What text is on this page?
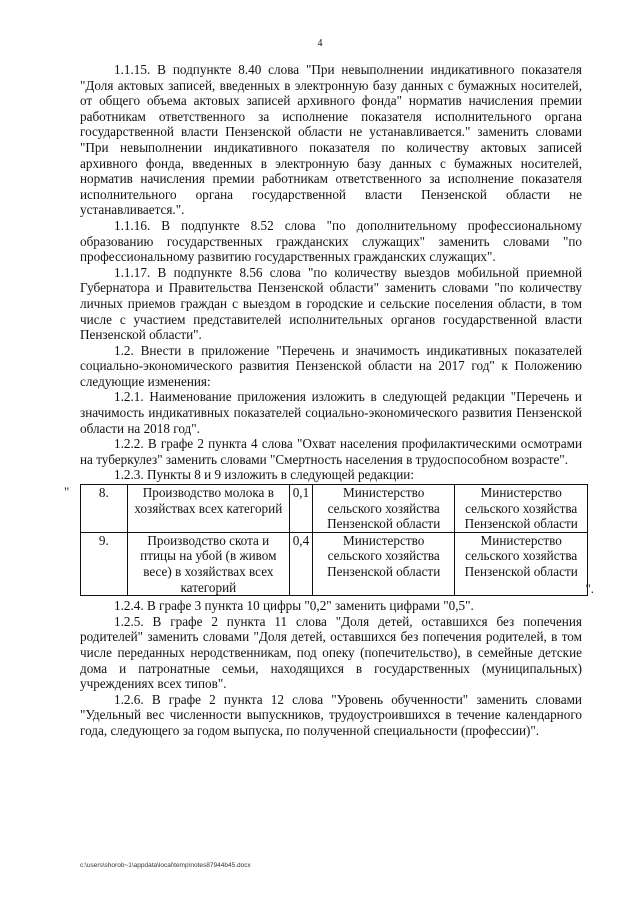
4

1.1.15. В подпункте 8.40 слова "При невыполнении индикативного показателя "Доля актовых записей, введенных в электронную базу данных с бумажных носителей, от общего объема актовых записей архивного фонда" норматив начисления премии работникам ответственного за исполнение показателя исполнительного органа государственной власти Пензенской области не устанавливается." заменить словами "При невыполнении индикативного показателя по количеству актовых записей архивного фонда, введенных в электронную базу данных с бумажных носителей, норматив начисления премии работникам ответственного за исполнение показателя исполнительного органа государственной власти Пензенской области не устанавливается.".

1.1.16. В подпункте 8.52 слова "по дополнительному профессиональному образованию государственных гражданских служащих" заменить словами "по профессиональному развитию государственных гражданских служащих".

1.1.17. В подпункте 8.56 слова "по количеству выездов мобильной приемной Губернатора и Правительства Пензенской области" заменить словами "по количеству личных приемов граждан с выездом в городские и сельские поселения области, в том числе с участием представителей исполнительных органов государственной власти Пензенской области".

1.2. Внести в приложение "Перечень и значимость индикативных показателей социально-экономического развития Пензенской области на 2017 год" к Положению следующие изменения:

1.2.1. Наименование приложения изложить в следующей редакции "Перечень и значимость индикативных показателей социально-экономического развития Пензенской области на 2018 год".

1.2.2. В графе 2 пункта 4 слова "Охват населения профилактическими осмотрами на туберкулез" заменить словами "Смертность населения в трудоспособном возрасте".

1.2.3. Пункты 8 и 9 изложить в следующей редакции:

" 8.	Производство молока в хозяйствах всех категорий	0,1	Министерство сельского хозяйства Пензенской области	Министерство сельского хозяйства Пензенской области
9.	Производство скота и птицы на убой (в живом весе) в хозяйствах всех категорий	0,4	Министерство сельского хозяйства Пензенской области	Министерство сельского хозяйства Пензенской области
".

1.2.4. В графе 3 пункта 10 цифры "0,2" заменить цифрами "0,5".

1.2.5. В графе 2 пункта 11 слова "Доля детей, оставшихся без попечения родителей" заменить словами "Доля детей, оставшихся без попечения родителей, в том числе переданных неродственникам, под опеку (попечительство), в семейные детские дома и патронатные семьи, находящихся в государственных (муниципальных) учреждениях всех типов".

1.2.6. В графе 2 пункта 12 слова "Уровень обученности" заменить словами "Удельный вес численности выпускников, трудоустроившихся в течение календарного года, следующего за годом выпуска, по полученной специальности (профессии)".

c:\users\shorob~1\appdata\local\temp\notes87944b45.docx
